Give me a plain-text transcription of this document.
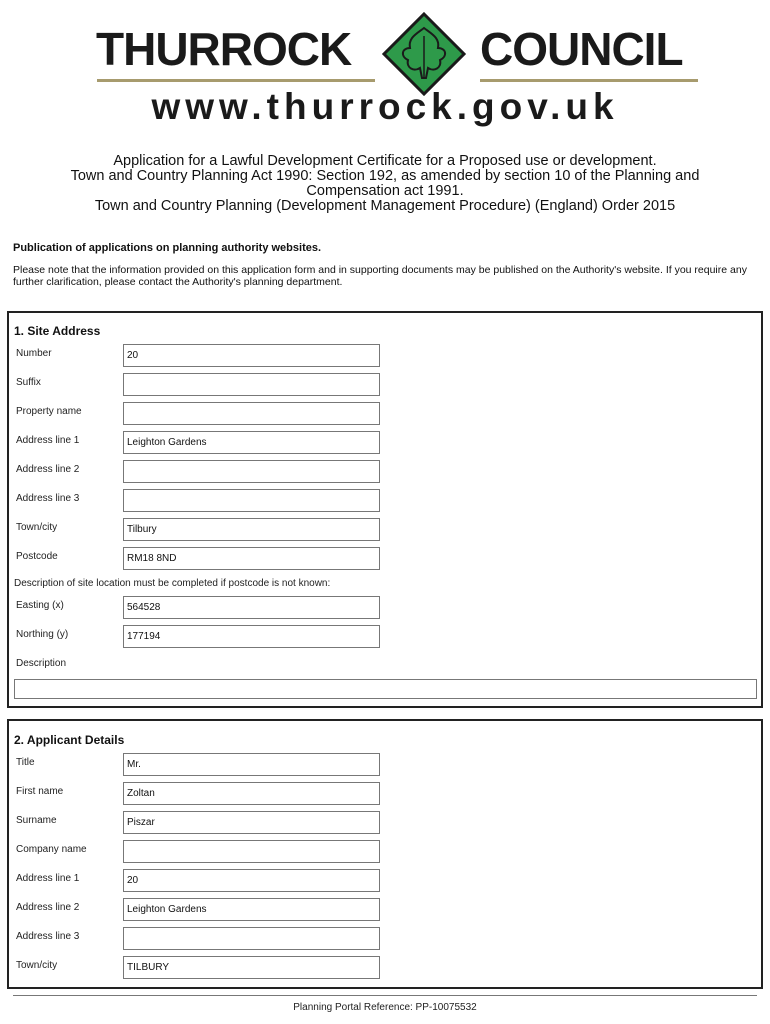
THURROCK	COUNCIL
www.thurrock.gov.uk
Application for a Lawful Development Certificate for a Proposed use or development.
Town and Country Planning Act 1990: Section 192, as amended by section 10 of the Planning and
Compensation act 1991.
Town and Country Planning (Development Management Procedure) (England) Order 2015
Publication of applications on planning authority websites.
Please note that the information provided on this application form and in supporting documents may be published on the Authority's website. If you require any further clarification, please contact the Authority's planning department.
1. Site Address
Number	20
Suffix
Property name
Address line 1	Leighton Gardens
Address line 2
Address line 3
Town/city	Tilbury
Postcode	RM18 8ND
Description of site location must be completed if postcode is not known:
Easting (x)	564528
Northing (y)	177194
Description
2. Applicant Details
Title	Mr.
First name	Zoltan
Surname	Piszar
Company name
Address line 1	20
Address line 2	Leighton Gardens
Address line 3
Town/city	TILBURY
Planning Portal Reference: PP-10075532
